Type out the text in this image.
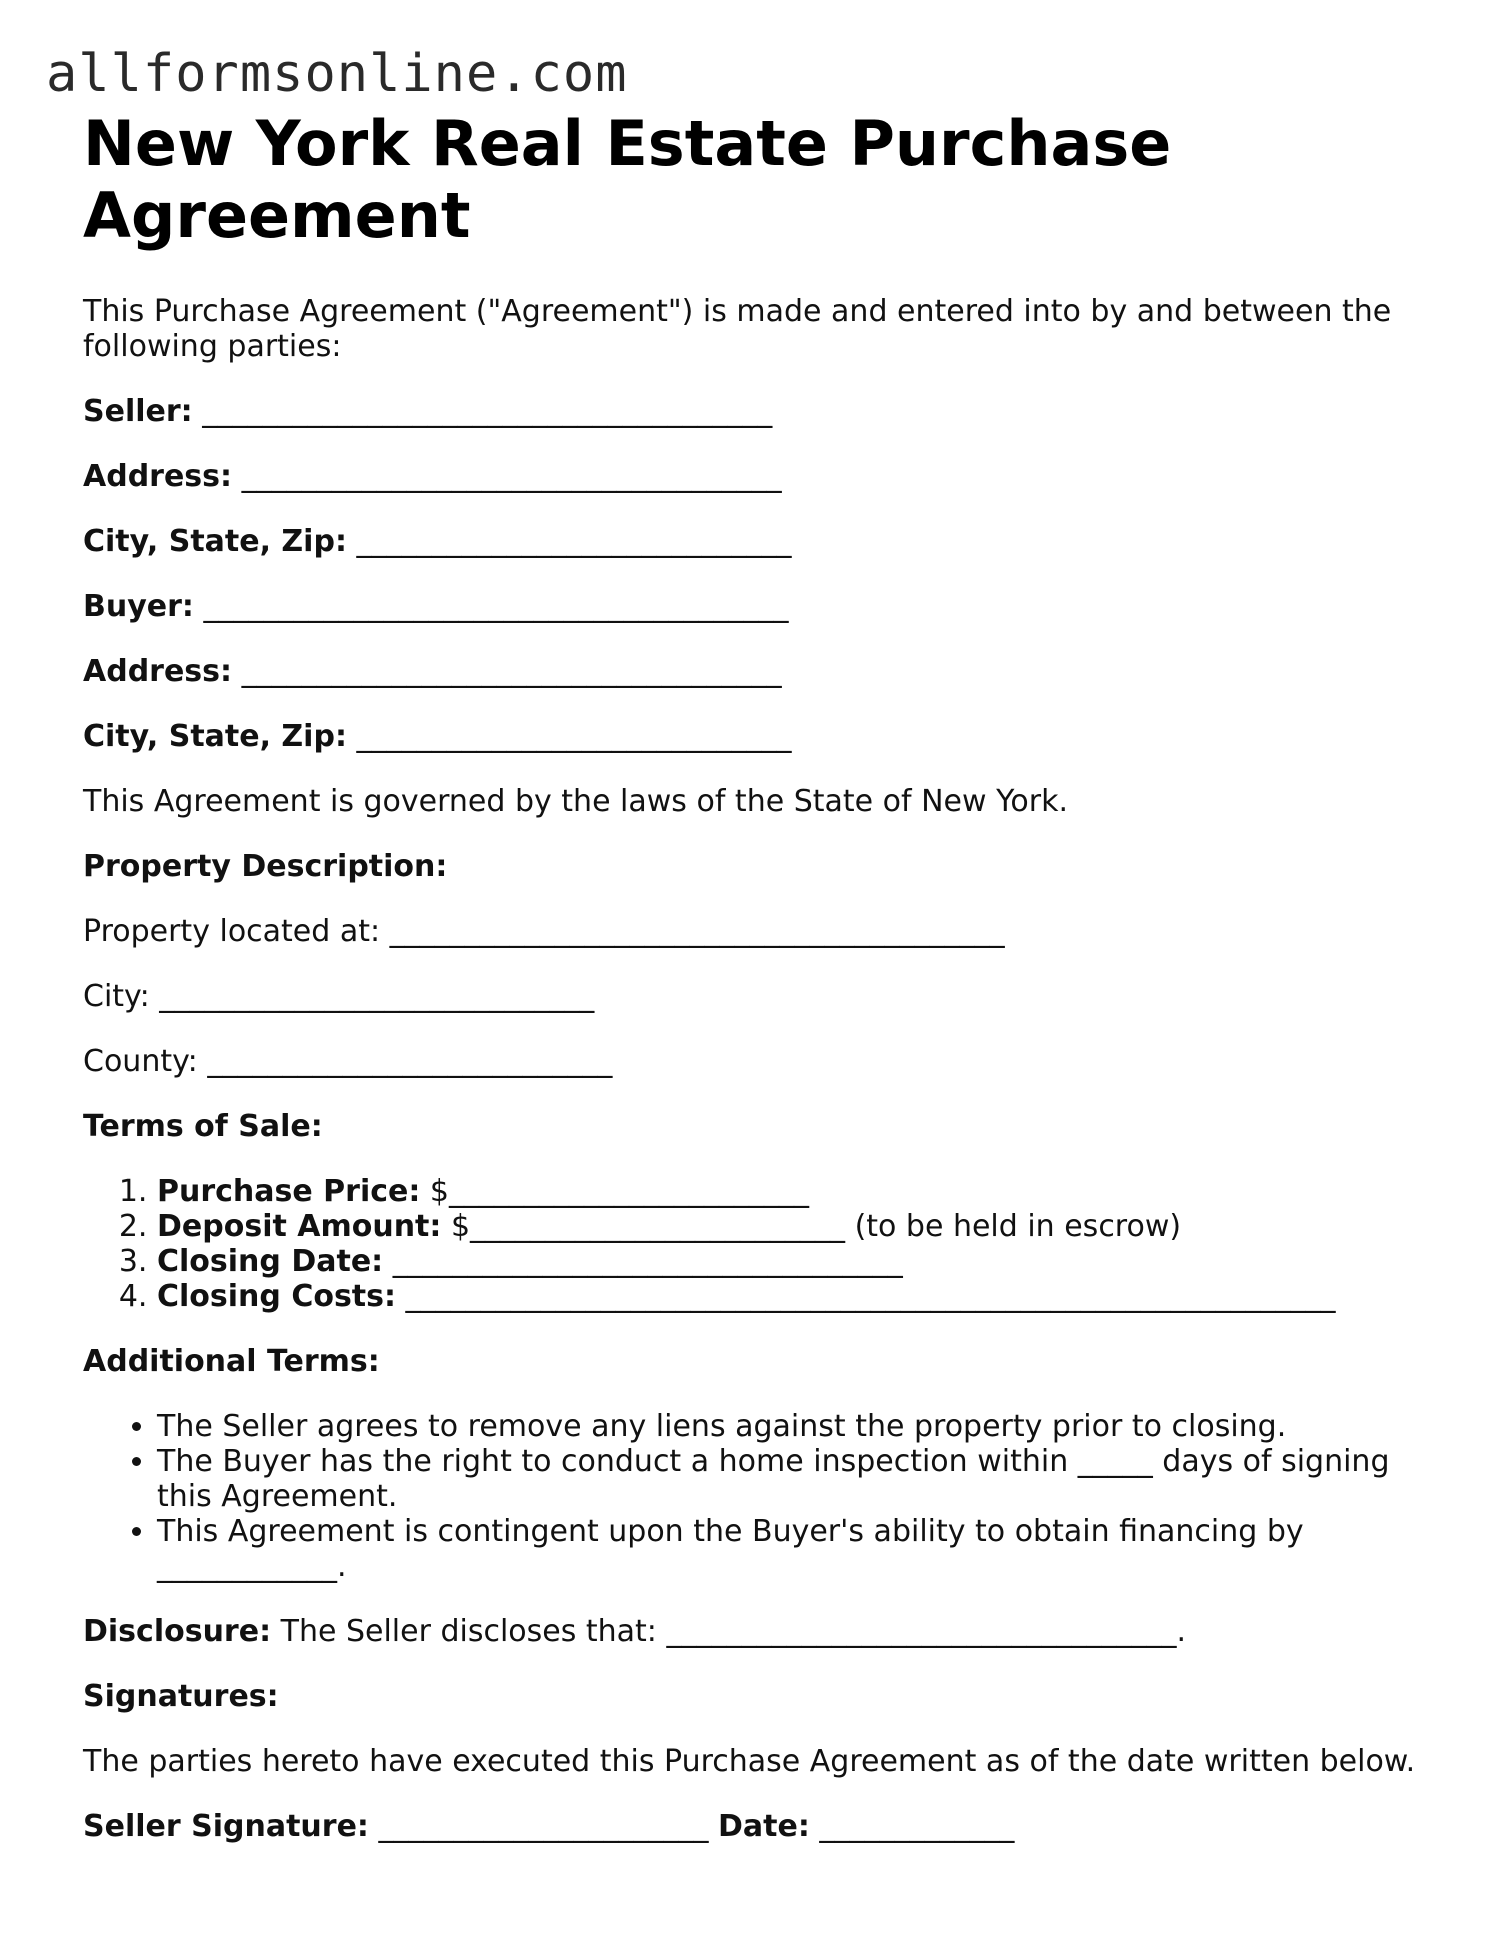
allformsonline.com
New York Real Estate Purchase Agreement

This Purchase Agreement ("Agreement") is made and entered into by and between the following parties:

Seller: ______________________________________

Address: ____________________________________

City, State, Zip: _____________________________

Buyer: _______________________________________

Address: ____________________________________

City, State, Zip: _____________________________

This Agreement is governed by the laws of the State of New York.

Property Description:

Property located at: _________________________________________

City: _____________________________

County: ___________________________

Terms of Sale:

1. Purchase Price: $________________________
2. Deposit Amount: $_________________________ (to be held in escrow)
3. Closing Date: __________________________________
4. Closing Costs: ______________________________________________________________

Additional Terms:

• The Seller agrees to remove any liens against the property prior to closing.
• The Buyer has the right to conduct a home inspection within _____ days of signing this Agreement.
• This Agreement is contingent upon the Buyer's ability to obtain financing by ____________.

Disclosure: The Seller discloses that: __________________________________.

Signatures:

The parties hereto have executed this Purchase Agreement as of the date written below.

Seller Signature: ______________________ Date: _____________
